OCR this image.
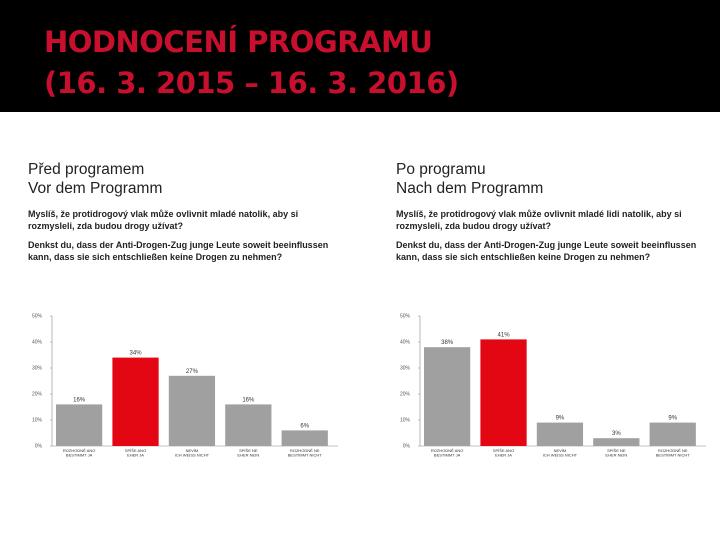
HODNOCENÍ PROGRAMU
(16. 3. 2015 – 16. 3. 2016)
Před programem
Vor dem Programm
Myslíš, že protidrogový vlak může ovlivnit mladé natolik, aby si rozmysleli, zda budou drogy užívat?
Denkst du, dass der Anti-Drogen-Zug junge Leute soweit beeinflussen kann, dass sie sich entschließen keine Drogen zu nehmen?
Po programu
Nach dem Programm
Myslíš, že protidrogový vlak může ovlivnit mladé lidi natolik, aby si rozmysleli, zda budou drogy užívat?
Denkst du, dass der Anti-Drogen-Zug junge Leute soweit beeinflussen kann, dass sie sich entschließen keine Drogen zu nehmen?
0%
10%
20%
30%
40%
50%
16%
ROZHODNĚ ANO BESTIMMT JA
34%
SPÍŠE ANO EHER JA
27%
NEVÍM ICH WEISS NICHT
16%
SPÍŠE NE EHER NEIN
6%
ROZHODNĚ NE BESTIMMT NICHT
0%
10%
20%
30%
40%
50%
38%
ROZHODNĚ ANO BESTIMMT JA
41%
SPÍŠE ANO EHER JA
9%
NEVÍM ICH WEISS NICHT
3%
SPÍŠE NE EHER NEIN
9%
ROZHODNĚ NE BESTIMMT NICHT
